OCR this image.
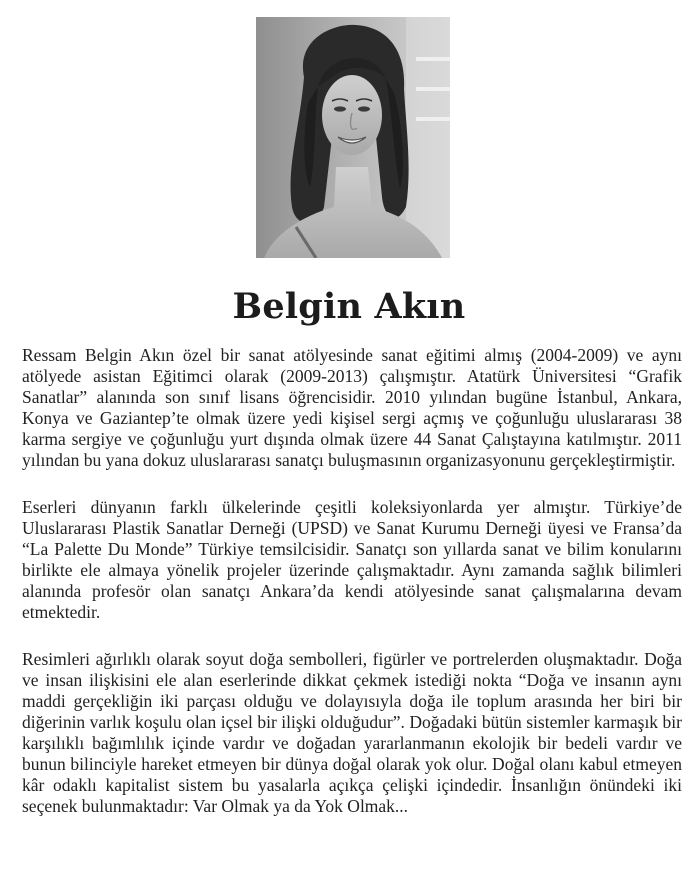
Belgin Akın

Ressam Belgin Akın özel bir sanat atölyesinde sanat eğitimi almış (2004-2009) ve aynı atölyede asistan Eğitimci olarak (2009-2013) çalışmıştır. Atatürk Üniversitesi “Grafik Sanatlar” alanında son sınıf lisans öğrencisidir. 2010 yılından bugüne İstanbul, Ankara, Konya ve Gaziantep’te olmak üzere yedi kişisel sergi açmış ve çoğunluğu uluslararası 38 karma sergiye ve çoğunluğu yurt dışında olmak üzere 44 Sanat Çalıştayına katılmıştır. 2011 yılından bu yana dokuz uluslararası sanatçı buluşmasının organizasyonunu gerçekleştirmiştir.

Eserleri dünyanın farklı ülkelerinde çeşitli koleksiyonlarda yer almıştır. Türkiye’de Uluslararası Plastik Sanatlar Derneği (UPSD) ve Sanat Kurumu Derneği üyesi ve Fransa’da “La Palette Du Monde” Türkiye temsilcisidir. Sanatçı son yıllarda sanat ve bilim konularını birlikte ele almaya yönelik projeler üzerinde çalışmaktadır. Aynı zamanda sağlık bilimleri alanında profesör olan sanatçı Ankara’da kendi atölyesinde sanat çalışmalarına devam etmektedir.

Resimleri ağırlıklı olarak soyut doğa sembolleri, figürler ve portrelerden oluşmaktadır. Doğa ve insan ilişkisini ele alan eserlerinde dikkat çekmek istediği nokta “Doğa ve insanın aynı maddi gerçekliğin iki parçası olduğu ve dolayısıyla doğa ile toplum arasında her biri bir diğerinin varlık koşulu olan içsel bir ilişki olduğudur”. Doğadaki bütün sistemler karmaşık bir karşılıklı bağımlılık içinde vardır ve doğadan yararlanmanın ekolojik bir bedeli vardır ve bunun bilinciyle hareket etmeyen bir dünya doğal olarak yok olur. Doğal olanı kabul etmeyen kâr odaklı kapitalist sistem bu yasalarla açıkça çelişki içindedir. İnsanlığın önündeki iki seçenek bulunmaktadır: Var Olmak ya da Yok Olmak...
